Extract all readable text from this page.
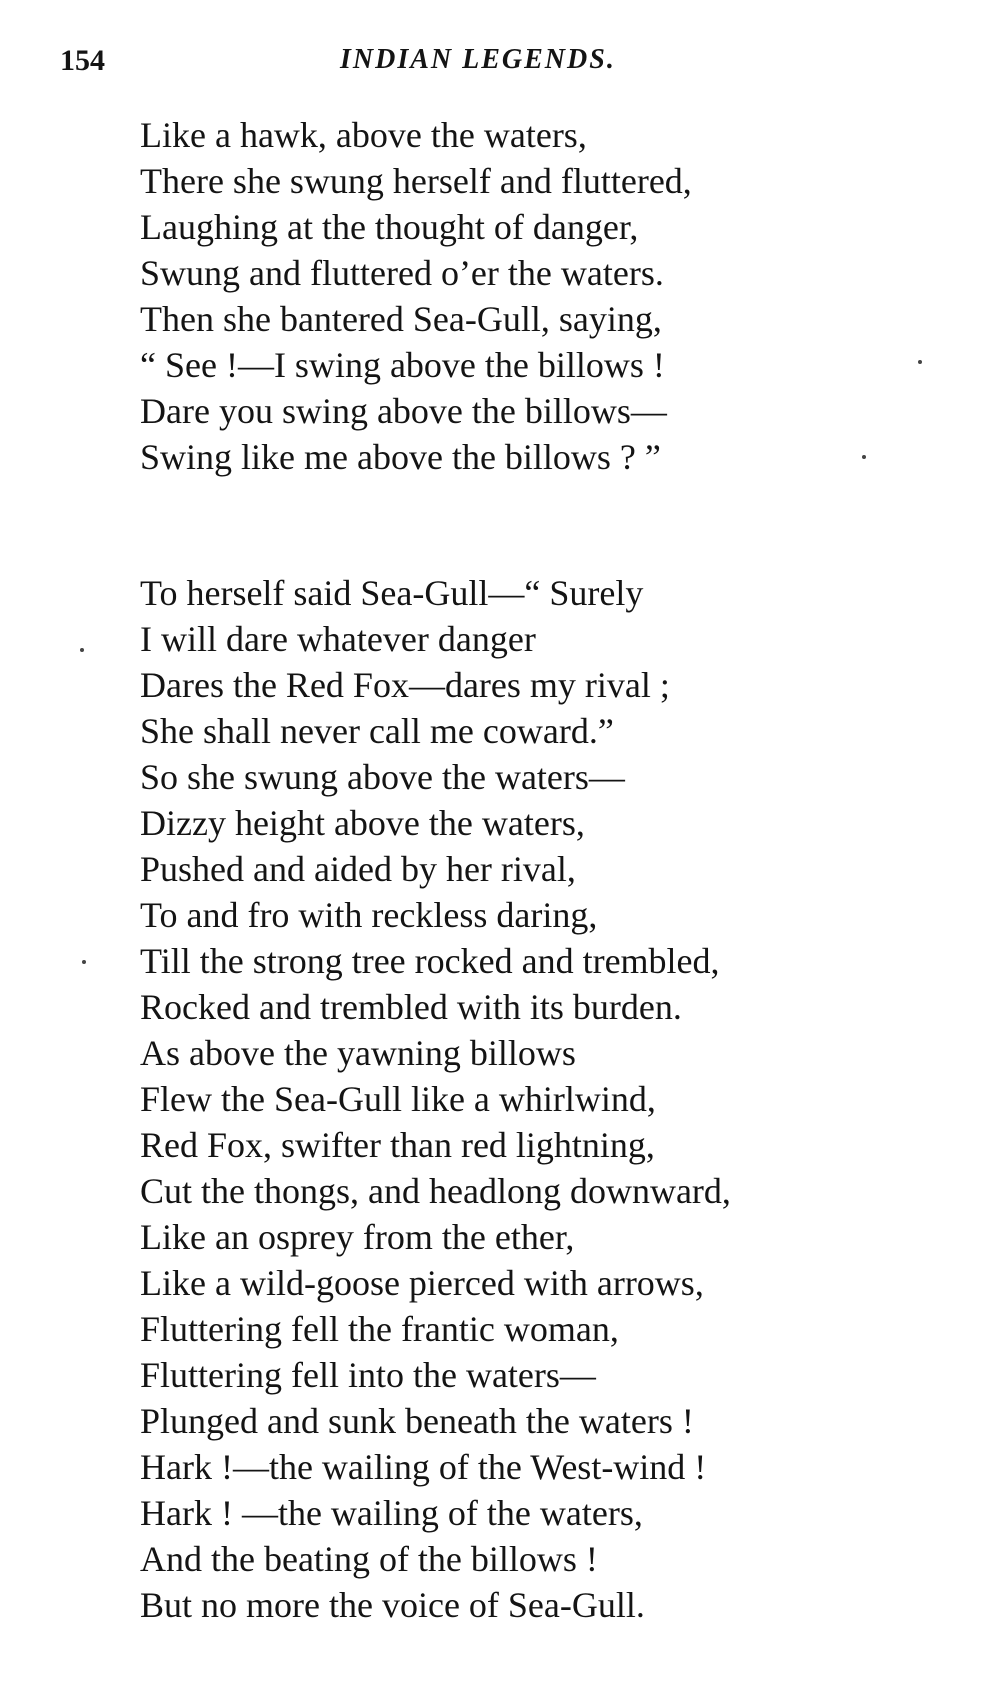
154	INDIAN LEGENDS.
Like a hawk, above the waters,
There she swung herself and fluttered,
Laughing at the thought of danger,
Swung and fluttered o’er the waters.
Then she bantered Sea-Gull, saying,
“ See !—I swing above the billows !
Dare you swing above the billows—
Swing like me above the billows ? ”
To herself said Sea-Gull—“ Surely
I will dare whatever danger
Dares the Red Fox—dares my rival ;
She shall never call me coward.”
So she swung above the waters—
Dizzy height above the waters,
Pushed and aided by her rival,
To and fro with reckless daring,
Till the strong tree rocked and trembled,
Rocked and trembled with its burden.
As above the yawning billows
Flew the Sea-Gull like a whirlwind,
Red Fox, swifter than red lightning,
Cut the thongs, and headlong downward,
Like an osprey from the ether,
Like a wild-goose pierced with arrows,
Fluttering fell the frantic woman,
Fluttering fell into the waters—
Plunged and sunk beneath the waters !
Hark !—the wailing of the West-wind !
Hark ! —the wailing of the waters,
And the beating of the billows !
But no more the voice of Sea-Gull.
